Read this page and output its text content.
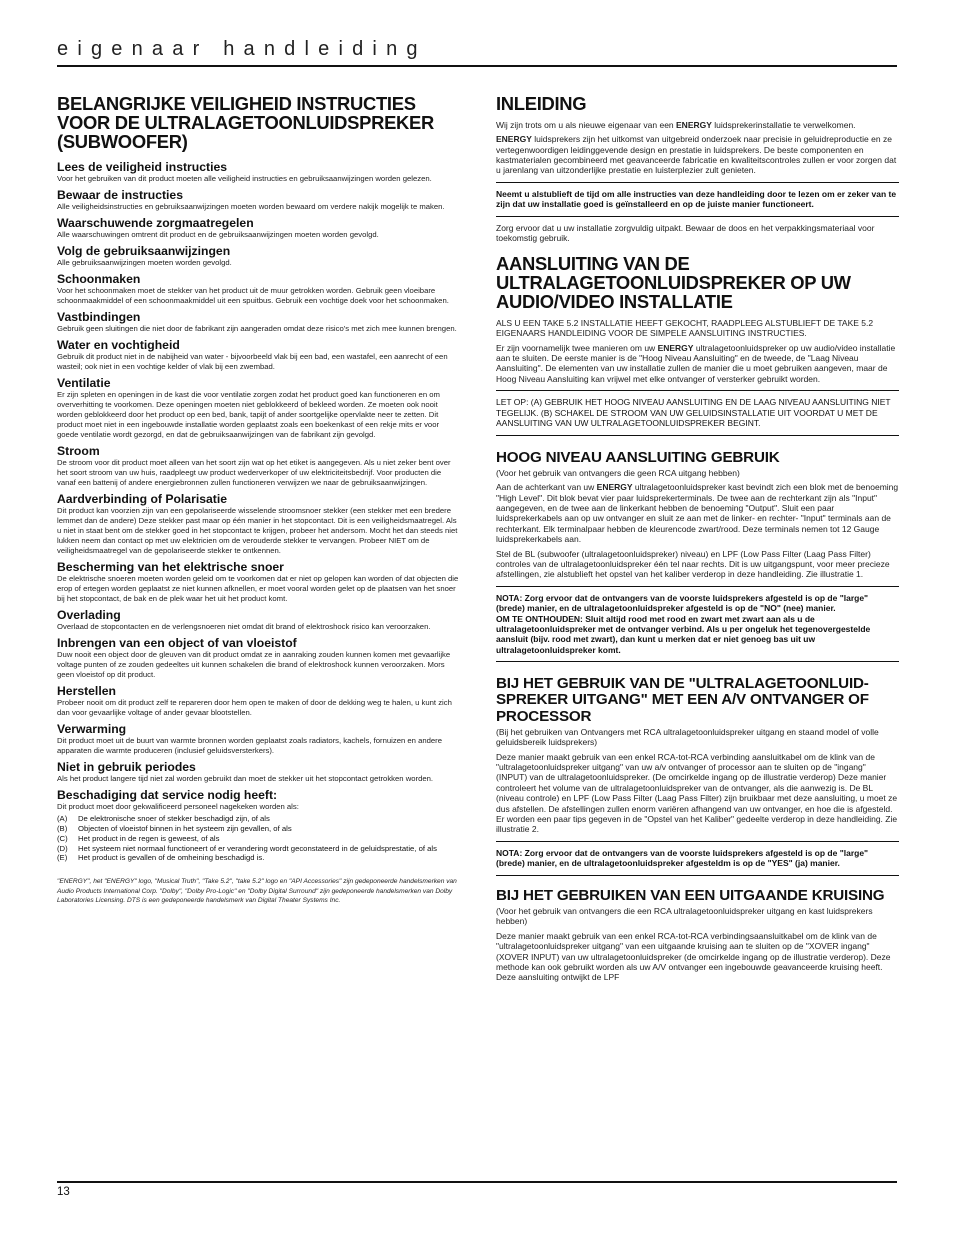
eigenaar handleiding
BELANGRIJKE VEILIGHEID INSTRUCTIES VOOR DE ULTRALAGETOONLUIDSPREKER (SUBWOOFER)
Lees de veiligheid instructies

Voor het gebruiken van dit product moeten alle veiligheid instructies en gebruiksaanwijzingen worden gelezen.

Bewaar de instructies

Alle veiligheidsinstructies en gebruiksaanwijzingen moeten worden bewaard om verdere nakijk mogelijk te maken.

Waarschuwende zorgmaatregelen

Alle waarschuwingen omtrent dit product en de gebruiksaanwijzingen moeten worden gevolgd.

Volg de gebruiksaanwijzingen

Alle gebruiksaanwijzingen moeten worden gevolgd.

Schoonmaken

Voor het schoonmaken moet de stekker van het product uit de muur getrokken worden. Gebruik geen vloeibare schoonmaakmiddel of een schoonmaakmiddel uit een spuitbus. Gebruik een vochtige doek voor het schoonmaken.

Vastbindingen

Gebruik geen sluitingen die niet door de fabrikant zijn aangeraden omdat deze risico's met zich mee kunnen brengen.

Water en vochtigheid

Gebruik dit product niet in de nabijheid van water - bijvoorbeeld vlak bij een bad, een wastafel, een aanrecht of een wasteil; ook niet in een vochtige kelder of vlak bij een zwembad.

Ventilatie

Er zijn spleten en openingen in de kast die voor ventilatie zorgen zodat het product goed kan functioneren en om oververhitting te voorkomen. Deze openingen moeten niet geblokkeerd of bekleed worden. Ze moeten ook nooit worden geblokkeerd door het product op een bed, bank, tapijt of ander soortgelijke opervlakte neer te zetten. Dit product moet niet in een ingebouwde installatie worden geplaatst zoals een boekenkast of een rekje mits er voor goede ventilatie wordt gezorgd, en dat de gebruiksaanwijzingen van de fabrikant zijn gevolgd.

Stroom

De stroom voor dit product moet alleen van het soort zijn wat op het etiket is aangegeven. Als u niet zeker bent over het soort stroom van uw huis, raadpleegt uw product wederverkoper of uw elektriciteitsbedrijf. Voor producten die vanaf een battenij of andere energiebronnen zullen functioneren verwijzen we naar de gebruiksaanwijzingen.

Aardverbinding of Polarisatie

Dit product kan voorzien zijn van een gepolariseerde wisselende stroomsnoer stekker (een stekker met een bredere lemmet dan de andere) Deze stekker past maar op één manier in het stopcontact. Dit is een veiligheidsmaatregel. Als u niet in staat bent om de stekker goed in het stopcontact te krijgen, probeer het andersom. Mocht het dan steeds niet lukken neem dan contact op met uw elektricien om de verouderde stekker te vervangen. Probeer NIET om de veiligheidsmaatregel van de gepolariseerde stekker te ontkennen.

Bescherming van het elektrische snoer

De elektrische snoeren moeten worden geleid om te voorkomen dat er niet op gelopen kan worden of dat objecten die erop of ertegen worden geplaatst ze niet kunnen afknellen, er moet vooral worden gelet op de plaatsen van het snoer bij het stopcontact, de bak en de plek waar het uit het product komt.

Overlading

Overlaad de stopcontacten en de verlengsnoeren niet omdat dit brand of elektroshock risico kan veroorzaken.

Inbrengen van een object of van vloeistof

Duw nooit een object door de gleuven van dit product omdat ze in aanraking zouden kunnen komen met gevaarlijke voltage punten of ze zouden gedeeltes uit kunnen schakelen die brand of elektroshock kunnen veroorzaken. Mors geen vloeistof op dit product.

Herstellen

Probeer nooit om dit product zelf te repareren door hem open te maken of door de dekking weg te halen, u kunt zich dan voor gevaarlijke voltage of ander gevaar blootstellen.

Verwarming

Dit product moet uit de buurt van warmte bronnen worden geplaatst zoals radiators, kachels, fornuizen en andere apparaten die warmte produceren (inclusief geluidsversterkers).

Niet in gebruik periodes

Als het product langere tijd niet zal worden gebruikt dan moet de stekker uit het stopcontact getrokken worden.

Beschadiging dat service nodig heeft:

Dit product moet door gekwalificeerd personeel nagekeken worden als:

(A)	De elektronische snoer of stekker beschadigd zijn, of als
(B)	Objecten of vloeistof binnen in het systeem zijn gevallen, of als
(C)	Het product in de regen is geweest, of als
(D)	Het systeem niet normaal functioneert of er verandering wordt geconstateerd in de geluidsprestatie, of als
(E)	Het product is gevallen of de omheining beschadigd is.
"ENERGY", het "ENERGY" logo, "Musical Truth", "Take 5.2", "take 5.2" logo en "API Accessories" zijn gedeponeerde handelsmerken van Audio Products International Corp. "Dolby", "Dolby Pro-Logic" en "Dolby Digital Surround" zijn gedeponeerde handelsmerken van Dolby Laboratories Licensing. DTS is een gedeponeerde handelsmerk van Digital Theater Systems Inc.
INLEIDING

Wij zijn trots om u als nieuwe eigenaar van een ENERGY luidsprekerinstallatie te verwelkomen.

ENERGY luidsprekers zijn het uitkomst van uitgebreid onderzoek naar precisie in geluidreproductie en ze vertegenwoordigen leidinggevende design en prestatie in luidsprekers. De beste componenten en kastmaterialen gecombineerd met geavanceerde fabricatie en kwaliteitscontroles zullen er voor zorgen dat u jarenlang van uitzonderlijke prestatie en luisterplezier zult genieten.

Neemt u alstublieft de tijd om alle instructies van deze handleiding door te lezen om er zeker van te zijn dat uw installatie goed is geïnstalleerd en op de juiste manier functioneert.

Zorg ervoor dat u uw installatie zorgvuldig uitpakt. Bewaar de doos en het verpakkingsmateriaal voor toekomstig gebruik.

AANSLUITING VAN DE ULTRALAGETOONLUIDSPREKER OP UW AUDIO/VIDEO INSTALLATIE

ALS U EEN TAKE 5.2 INSTALLATIE HEEFT GEKOCHT, RAADPLEEG ALSTUBLIEFT DE TAKE 5.2 EIGENAARS HANDLEIDING VOOR DE SIMPELE AANSLUITING INSTRUCTIES.

Er zijn voornamelijk twee manieren om uw ENERGY ultralagetoonluidspreker op uw audio/video installatie aan te sluiten. De eerste manier is de "Hoog Niveau Aansluiting" en de tweede, de "Laag Niveau Aansluiting". De elementen van uw installatie zullen de manier die u moet gebruiken aangeven, maar de Hoog Niveau Aansluiting kan vrijwel met elke ontvanger of versterker gebruikt worden.

LET OP: (A) GEBRUIK HET HOOG NIVEAU AANSLUITING EN DE LAAG NIVEAU AANSLUITING NIET TEGELIJK. (B) SCHAKEL DE STROOM VAN UW GELUIDSINSTALLATIE UIT VOORDAT U MET DE AANSLUITING VAN UW ULTRALAGETOONLUIDSPREKER BEGINT.

HOOG NIVEAU AANSLUITING GEBRUIK

(Voor het gebruik van ontvangers die geen RCA uitgang hebben)

Aan de achterkant van uw ENERGY ultralagetoonluidspreker kast bevindt zich een blok met de benoeming "High Level". Dit blok bevat vier paar luidsprekerterminals. De twee aan de rechterkant zijn als "Input" aangegeven, en de twee aan de linkerkant hebben de benoeming "Output". Sluit een paar luidsprekerkabels aan op uw ontvanger en sluit ze aan met de linker- en rechter- "Input" terminals aan de rechterkant. Elk terminalpaar hebben de kleurencode zwart/rood. Deze terminals nemen tot 12 Gauge luidsprekerkabels aan.

Stel de BL (subwoofer (ultralagetoonluidspreker) niveau) en LPF (Low Pass Filter (Laag Pass Filter) controles van de ultralagetoonluidspreker één tel naar rechts. Dit is uw uitgangspunt, voor meer precieze afstellingen, zie alstublieft het opstel van het kaliber verderop in deze handleiding. Zie illustratie 1.

NOTA: Zorg ervoor dat de ontvangers van de voorste luidsprekers afgesteld is op de "large" (brede) manier, en de ultralagetoonluidspreker afgesteld is op de "NO" (nee) manier.

OM TE ONTHOUDEN: Sluit altijd rood met rood en zwart met zwart aan als u de ultralagetoonluidspreker met de ontvanger verbind. Als u per ongeluk het tegenovergestelde aansluit (bijv. rood met zwart), dan kunt u merken dat er niet genoeg bas uit uw ultralagetoonluidspreker komt.

BIJ HET GEBRUIK VAN DE "ULTRALAGETOONLUID-SPREKER UITGANG" MET EEN A/V ONTVANGER OF PROCESSOR

(Bij het gebruiken van Ontvangers met RCA ultralagetoonluidspreker uitgang en staand model of volle geluidsbereik luidsprekers)

Deze manier maakt gebruik van een enkel RCA-tot-RCA verbinding aansluitkabel om de klink van de "ultralagetoonluidspreker uitgang" van uw a/v ontvanger of processor aan te sluiten op de "ingang" (INPUT) van de ultralagetoonluidspreker. (De omcirkelde ingang op de illustratie verderop) Deze manier controleert het volume van de ultralagetoonluidspreker van de ontvanger, als die aanwezig is. De BL (niveau controle) en LPF (Low Pass Filter (Laag Pass Filter) zijn bruikbaar met deze aansluiting, u moet ze dus afstellen. De afstellingen zullen enorm variëren afhangend van uw ontvanger, en hoe die is afgesteld. Er worden een paar tips gegeven in de "Opstel van het Kaliber" gedeelte verderop in deze handleiding. Zie illustratie 2.

NOTA: Zorg ervoor dat de ontvangers van de voorste luidsprekers afgesteld is op de "large" (brede) manier, en de ultralagetoonluidspreker afgesteldm is op de "YES" (ja) manier.

BIJ HET GEBRUIKEN VAN EEN UITGAANDE KRUISING

(Voor het gebruik van ontvangers die een RCA ultralagetoonluidspreker uitgang en kast luidsprekers hebben)

Deze manier maakt gebruik van een enkel RCA-tot-RCA verbindingsaansluitkabel om de klink van de "ultralagetoonluidspreker uitgang" van een uitgaande kruising aan te sluiten op de "XOVER ingang" (XOVER INPUT) van uw ultralagetoonluidspreker (de omcirkelde ingang op de illustratie verderop). Deze methode kan ook gebruikt worden als uw A/V ontvanger een ingebouwde geavanceerde kruising heeft. Deze aansluiting ontwijkt de LPF

13
